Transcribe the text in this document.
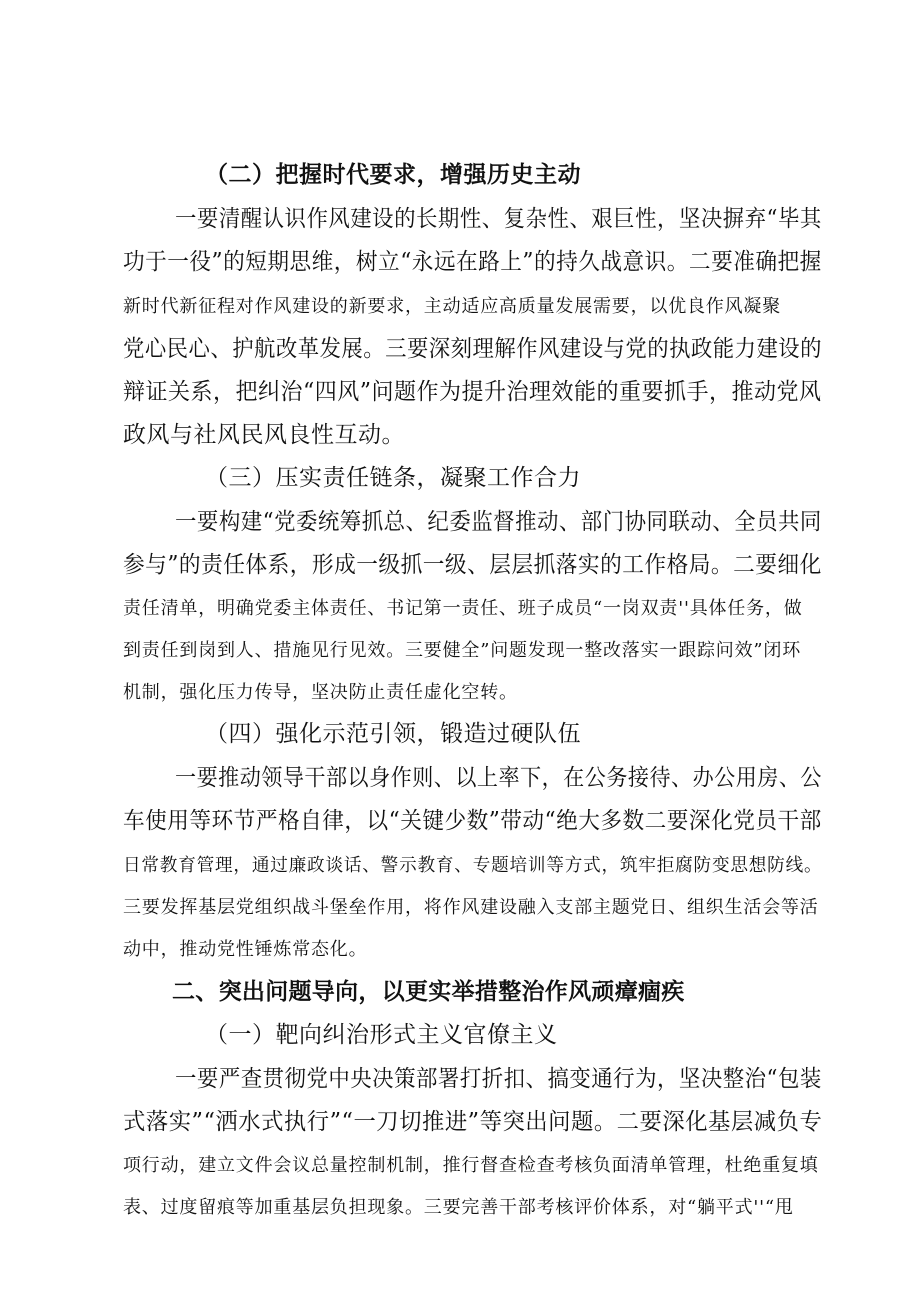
（二）把握时代要求，增强历史主动
一要清醒认识作风建设的长期性、复杂性、艰巨性，坚决摒弃“毕其
功于一役”的短期思维，树立“永远在路上”的持久战意识。二要准确把握
新时代新征程对作风建设的新要求，主动适应高质量发展需要，以优良作风凝聚
党心民心、护航改革发展。三要深刻理解作风建设与党的执政能力建设的
辩证关系，把纠治“四风”问题作为提升治理效能的重要抓手，推动党风
政风与社风民风良性互动。
（三）压实责任链条，凝聚工作合力
一要构建“党委统筹抓总、纪委监督推动、部门协同联动、全员共同
参与”的责任体系，形成一级抓一级、层层抓落实的工作格局。二要细化
责任清单，明确党委主体责任、书记第一责任、班子成员“一岗双责''具体任务，做
到责任到岗到人、措施见行见效。三要健全”问题发现一整改落实一跟踪问效”闭环
机制，强化压力传导，坚决防止责任虚化空转。
（四）强化示范引领，锻造过硬队伍
一要推动领导干部以身作则、以上率下，在公务接待、办公用房、公
车使用等环节严格自律，以“关键少数”带动“绝大多数二要深化党员干部
日常教育管理，通过廉政谈话、警示教育、专题培训等方式，筑牢拒腐防变思想防线。
三要发挥基层党组织战斗堡垒作用，将作风建设融入支部主题党日、组织生活会等活
动中，推动党性锤炼常态化。
二、突出问题导向，以更实举措整治作风顽瘴痼疾
（一）靶向纠治形式主义官僚主义
一要严查贯彻党中央决策部署打折扣、搞变通行为，坚决整治“包装
式落实”“洒水式执行”“一刀切推进”等突出问题。二要深化基层减负专
项行动，建立文件会议总量控制机制，推行督查检查考核负面清单管理，杜绝重复填
表、过度留痕等加重基层负担现象。三要完善干部考核评价体系，对“躺平式''“甩
